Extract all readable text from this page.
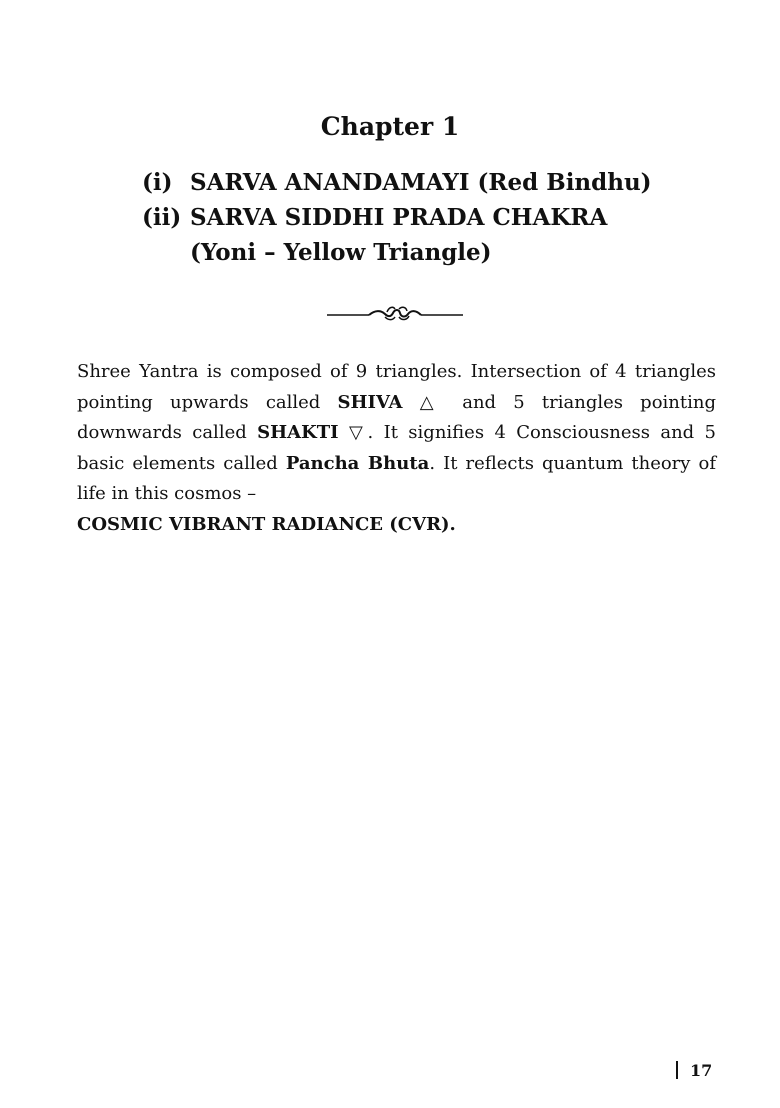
Chapter 1
(i) SARVA ANANDAMAYI (Red Bindhu)
(ii) SARVA SIDDHI PRADA CHAKRA
(Yoni – Yellow Triangle)

Shree Yantra is composed of 9 triangles. Intersection of 4 triangles pointing upwards called SHIVA △ and 5 triangles pointing downwards called SHAKTI ▽. It signifies 4 Consciousness and 5 basic elements called Pancha Bhuta. It reflects quantum theory of life in this cosmos –
COSMIC VIBRANT RADIANCE (CVR).

17
